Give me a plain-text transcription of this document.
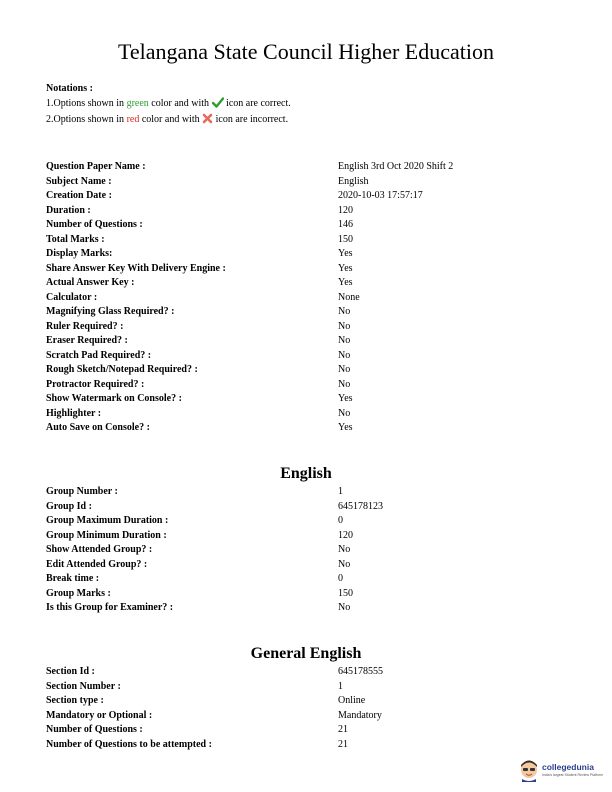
Telangana State Council Higher Education
Notations :
1.Options shown in green color and with  icon are correct.
2.Options shown in red color and with  icon are incorrect.
Question Paper Name :	English 3rd Oct 2020 Shift 2
Subject Name :	English
Creation Date :	2020-10-03 17:57:17
Duration :	120
Number of Questions :	146
Total Marks :	150
Display Marks:	Yes
Share Answer Key With Delivery Engine :	Yes
Actual Answer Key :	Yes
Calculator :	None
Magnifying Glass Required? :	No
Ruler Required? :	No
Eraser Required? :	No
Scratch Pad Required? :	No
Rough Sketch/Notepad Required? :	No
Protractor Required? :	No
Show Watermark on Console? :	Yes
Highlighter :	No
Auto Save on Console? :	Yes
English
Group Number :	1
Group Id :	645178123
Group Maximum Duration :	0
Group Minimum Duration :	120
Show Attended Group? :	No
Edit Attended Group? :	No
Break time :	0
Group Marks :	150
Is this Group for Examiner? :	No
General English
Section Id :	645178555
Section Number :	1
Section type :	Online
Mandatory or Optional :	Mandatory
Number of Questions :	21
Number of Questions to be attempted :	21
collegedunia
India's largest Student Review Platform
